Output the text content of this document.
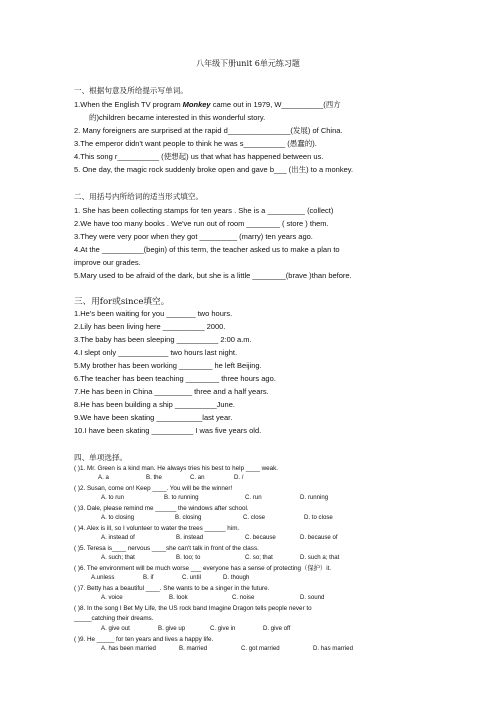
八年级下册unit 6单元练习题
一、根据句意及所给提示写单词。
1.When the English TV program Monkey came out in 1979, W__________(西方
的)children became interested in this wonderful story.
2. Many foreigners are surprised at the rapid d_______________(发展) of China.
3.The emperor didn't want people to think he was s__________ (愚蠢的).
4.This song r__________ (使想起) us that what has happened between us.
5. One day, the magic rock suddenly broke open and gave b___ (出生) to a monkey.
二、用括号内所给词的适当形式填空。
1. She has been collecting stamps for ten years . She is a _________ (collect)
2.We have too many books . We've run out of room ________ ( store ) them.
3.They were very poor when they got _________ (marry) ten years ago.
4.At the __________(begin) of this term, the teacher asked us to make a plan to
improve our grades.
5.Mary used to be afraid of the dark, but she is a little ________(brave )than before.
三、用for或since填空。
1.He's been waiting for you _______ two hours.
2.Lily has been living here __________ 2000.
3.The baby has been sleeping __________ 2:00 a.m.
4.I slept only ____________ two hours last night.
5.My brother has been working ________ he left Beijing.
6.The teacher has been teaching ________ three hours ago.
7.He has been in China _________ three and a half years.
8.He has been building a ship __________June.
9.We have been skating ___________last year.
10.I have been skating __________ I was five years old.
四、单项选择。
( )1. Mr. Green is a kind man. He always tries his best to help ____ weak.
A. a	B. the	C. an	D. /
( )2. Susan, come on! Keep ____. You will be the winner!
A. to run	B. to running	C. run	D. running
( )3. Dale, please remind me ______ the windows after school.
A. to closing	B. closing	C. close	D. to close
( )4. Alex is ill, so I volunteer to water the trees ______ him.
A. instead of	B. instead	C. because	D. because of
( )5. Teresa is____ nervous ____she can't talk in front of the class.
A. such; that	B. too; to	C. so; that	D. such a; that
( )6. The environment will be much worse ___ everyone has a sense of protecting（保护）it.
A.unless	B. if	C. until	D. though
( )7. Betty has a beautiful ____. She wants to be a singer in the future.
A. voice	B. look	C. noise	D. sound
( )8. In the song I Bet My Life, the US rock band Imagine Dragon tells people never to
_____catching their dreams.
A. give out	B. give up	C. give in	D. give off
( )9. He _____ for ten years and lives a happy life.
A. has been married	B. married	C. got married	D. has married
